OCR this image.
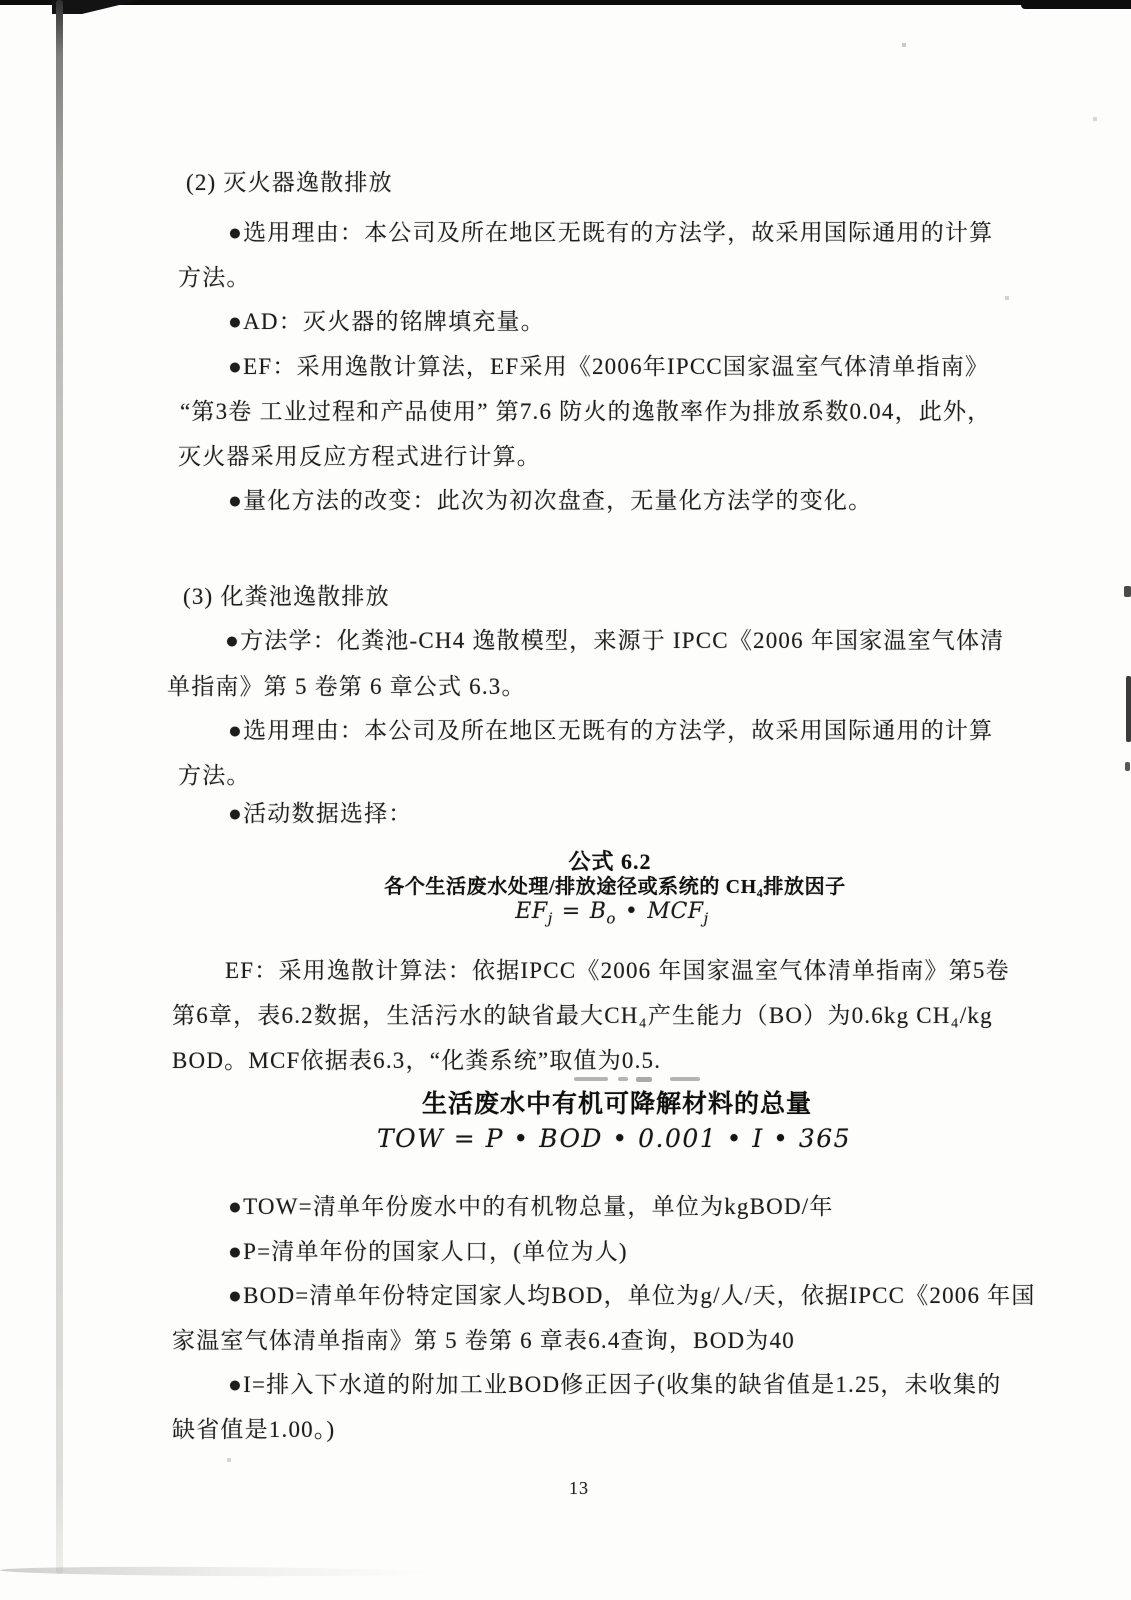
(2) 灭火器逸散排放
●选用理由：本公司及所在地区无既有的方法学，故采用国际通用的计算
方法。
●AD：灭火器的铭牌填充量。
●EF：采用逸散计算法，EF采用《2006年IPCC国家温室气体清单指南》
“第3卷 工业过程和产品使用” 第7.6 防火的逸散率作为排放系数0.04，此外，
灭火器采用反应方程式进行计算。
●量化方法的改变：此次为初次盘查，无量化方法学的变化。
(3) 化粪池逸散排放
●方法学：化粪池-CH4 逸散模型，来源于 IPCC《2006 年国家温室气体清
单指南》第 5 卷第 6 章公式 6.3。
●选用理由：本公司及所在地区无既有的方法学，故采用国际通用的计算
方法。
●活动数据选择：
公式 6.2
各个生活废水处理/排放途径或系统的 CH₄排放因子
$EF_j = B_o$ • $MCF_j$
EF：采用逸散计算法：依据IPCC《2006 年国家温室气体清单指南》第5卷
第6章，表6.2数据，生活污水的缺省最大CH₄产生能力（BO）为0.6kg CH₄/kg
BOD。MCF依据表6.3，“化粪系统”取值为0.5.
生活废水中有机可降解材料的总量
TOW = P • BOD • 0.001 • I • 365
●TOW=清单年份废水中的有机物总量，单位为kgBOD/年
●P=清单年份的国家人口，(单位为人)
●BOD=清单年份特定国家人均BOD，单位为g/人/天，依据IPCC《2006 年国
家温室气体清单指南》第 5 卷第 6 章表6.4查询，BOD为40
●I=排入下水道的附加工业BOD修正因子(收集的缺省值是1.25，未收集的
缺省值是1.00。)
13
